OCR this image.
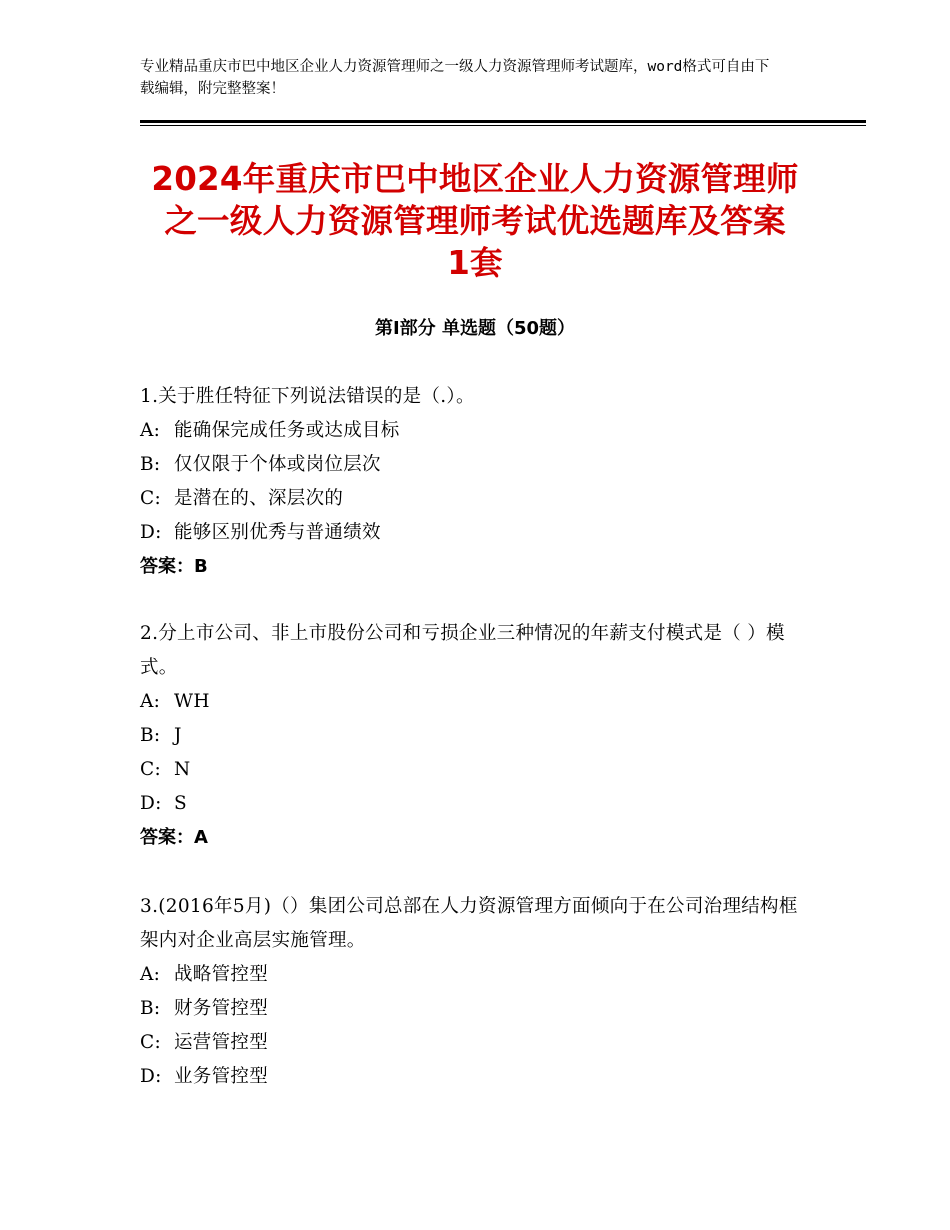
专业精品重庆市巴中地区企业人力资源管理师之一级人力资源管理师考试题库，word格式可自由下载编辑，附完整整案！
2024年重庆市巴中地区企业人力资源管理师
之一级人力资源管理师考试优选题库及答案
1套
第Ⅰ部分 单选题（50题）

1.关于胜任特征下列说法错误的是（.）。

A: 能确保完成任务或达成目标

B: 仅仅限于个体或岗位层次

C: 是潜在的、深层次的

D: 能够区别优秀与普通绩效

答案：B

2.分上市公司、非上市股份公司和亏损企业三种情况的年薪支付模式是（ ）模式。

A: WH

B: J

C: N

D: S

答案：A

3.(2016年5月)（）集团公司总部在人力资源管理方面倾向于在公司治理结构框架内对企业高层实施管理。

A: 战略管控型

B: 财务管控型

C: 运营管控型

D: 业务管控型
